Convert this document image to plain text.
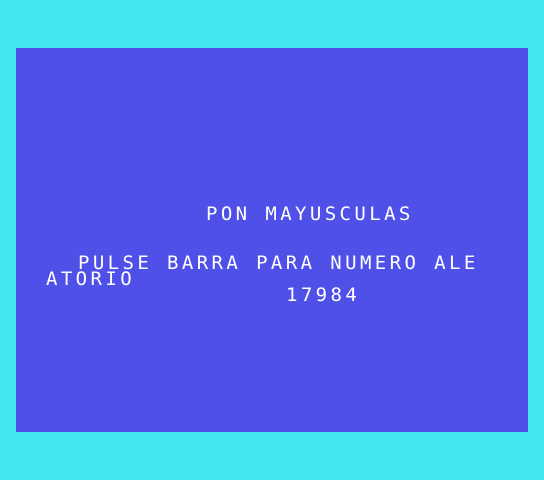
PON MAYUSCULAS
PULSE BARRA PARA NUMERO ALE
ATORIO
17984
